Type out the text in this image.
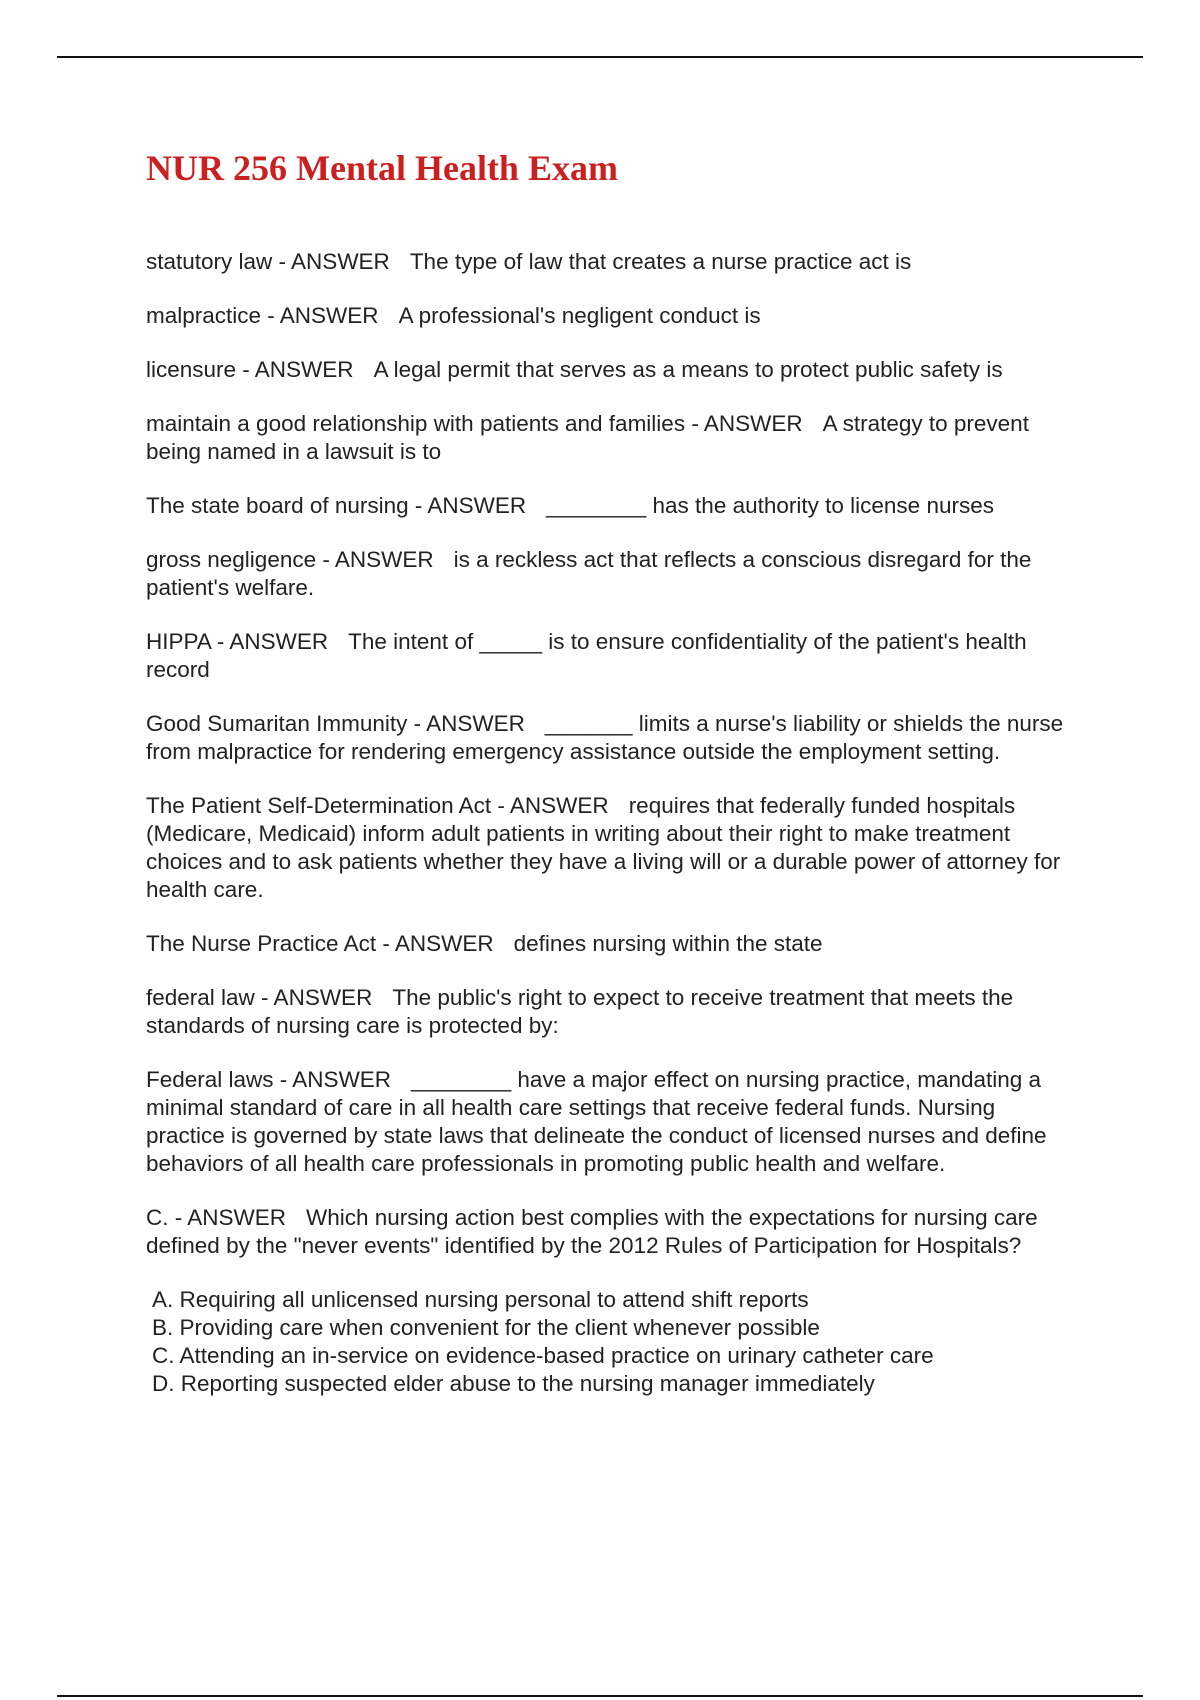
NUR 256 Mental Health Exam

statutory law - ANSWER The type of law that creates a nurse practice act is

malpractice - ANSWER A professional's negligent conduct is

licensure - ANSWER A legal permit that serves as a means to protect public safety is

maintain a good relationship with patients and families - ANSWER A strategy to prevent being named in a lawsuit is to

The state board of nursing - ANSWER ________ has the authority to license nurses

gross negligence - ANSWER is a reckless act that reflects a conscious disregard for the patient's welfare.

HIPPA - ANSWER The intent of _____ is to ensure confidentiality of the patient's health record

Good Sumaritan Immunity - ANSWER _______ limits a nurse's liability or shields the nurse from malpractice for rendering emergency assistance outside the employment setting.

The Patient Self-Determination Act - ANSWER requires that federally funded hospitals (Medicare, Medicaid) inform adult patients in writing about their right to make treatment choices and to ask patients whether they have a living will or a durable power of attorney for health care.

The Nurse Practice Act - ANSWER defines nursing within the state

federal law - ANSWER The public's right to expect to receive treatment that meets the standards of nursing care is protected by:

Federal laws - ANSWER ________ have a major effect on nursing practice, mandating a minimal standard of care in all health care settings that receive federal funds. Nursing practice is governed by state laws that delineate the conduct of licensed nurses and define behaviors of all health care professionals in promoting public health and welfare.

C. - ANSWER Which nursing action best complies with the expectations for nursing care defined by the "never events" identified by the 2012 Rules of Participation for Hospitals?

A. Requiring all unlicensed nursing personal to attend shift reports
B. Providing care when convenient for the client whenever possible
C. Attending an in-service on evidence-based practice on urinary catheter care
D. Reporting suspected elder abuse to the nursing manager immediately
